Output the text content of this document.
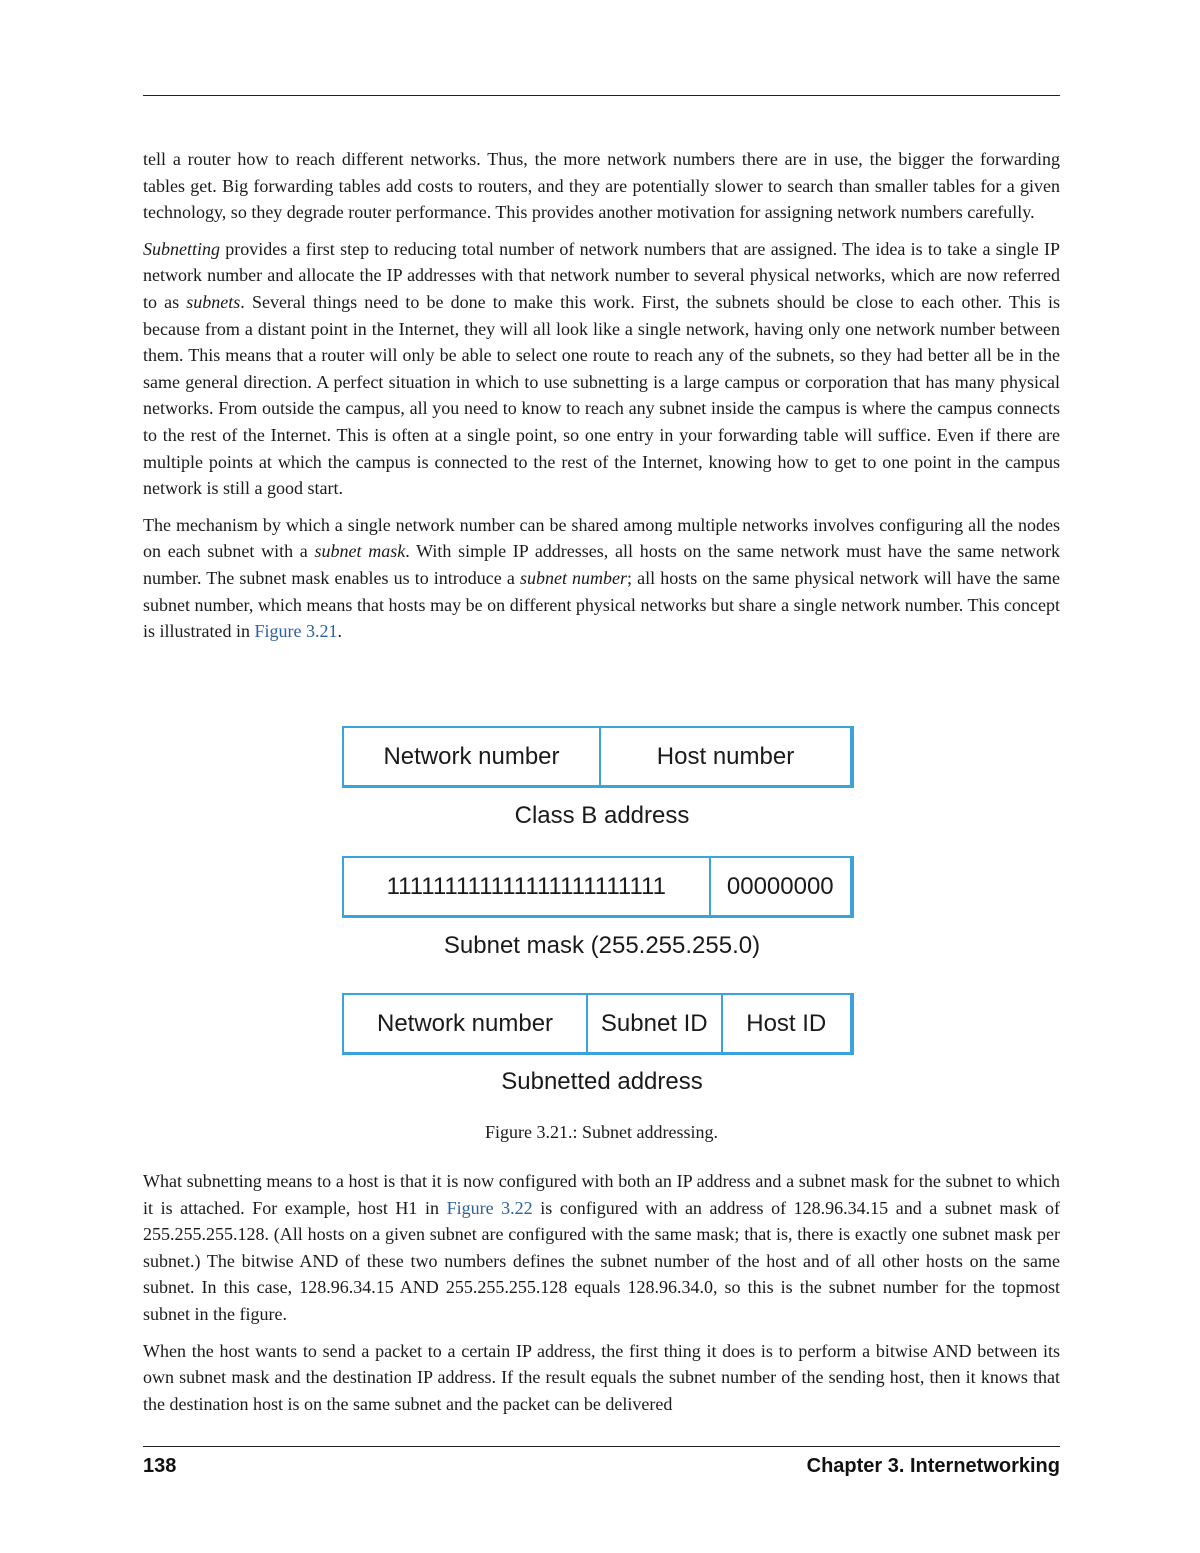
tell a router how to reach different networks. Thus, the more network numbers there are in use, the bigger the forwarding tables get. Big forwarding tables add costs to routers, and they are potentially slower to search than smaller tables for a given technology, so they degrade router performance. This provides another motivation for assigning network numbers carefully.

Subnetting provides a first step to reducing total number of network numbers that are assigned. The idea is to take a single IP network number and allocate the IP addresses with that network number to several physical networks, which are now referred to as subnets. Several things need to be done to make this work. First, the subnets should be close to each other. This is because from a distant point in the Internet, they will all look like a single network, having only one network number between them. This means that a router will only be able to select one route to reach any of the subnets, so they had better all be in the same general direction. A perfect situation in which to use subnetting is a large campus or corporation that has many physical networks. From outside the campus, all you need to know to reach any subnet inside the campus is where the campus connects to the rest of the Internet. This is often at a single point, so one entry in your forwarding table will suffice. Even if there are multiple points at which the campus is connected to the rest of the Internet, knowing how to get to one point in the campus network is still a good start.

The mechanism by which a single network number can be shared among multiple networks involves configuring all the nodes on each subnet with a subnet mask. With simple IP addresses, all hosts on the same network must have the same network number. The subnet mask enables us to introduce a subnet number; all hosts on the same physical network will have the same subnet number, which means that hosts may be on different physical networks but share a single network number. This concept is illustrated in Figure 3.21.

Network number	Host number
Class B address
111111111111111111111111	00000000
Subnet mask (255.255.255.0)
Network number	Subnet ID	Host ID
Subnetted address
Figure 3.21.: Subnet addressing.

What subnetting means to a host is that it is now configured with both an IP address and a subnet mask for the subnet to which it is attached. For example, host H1 in Figure 3.22 is configured with an address of 128.96.34.15 and a subnet mask of 255.255.255.128. (All hosts on a given subnet are configured with the same mask; that is, there is exactly one subnet mask per subnet.) The bitwise AND of these two numbers defines the subnet number of the host and of all other hosts on the same subnet. In this case, 128.96.34.15 AND 255.255.255.128 equals 128.96.34.0, so this is the subnet number for the topmost subnet in the figure.

When the host wants to send a packet to a certain IP address, the first thing it does is to perform a bitwise AND between its own subnet mask and the destination IP address. If the result equals the subnet number of the sending host, then it knows that the destination host is on the same subnet and the packet can be delivered

138	Chapter 3. Internetworking
